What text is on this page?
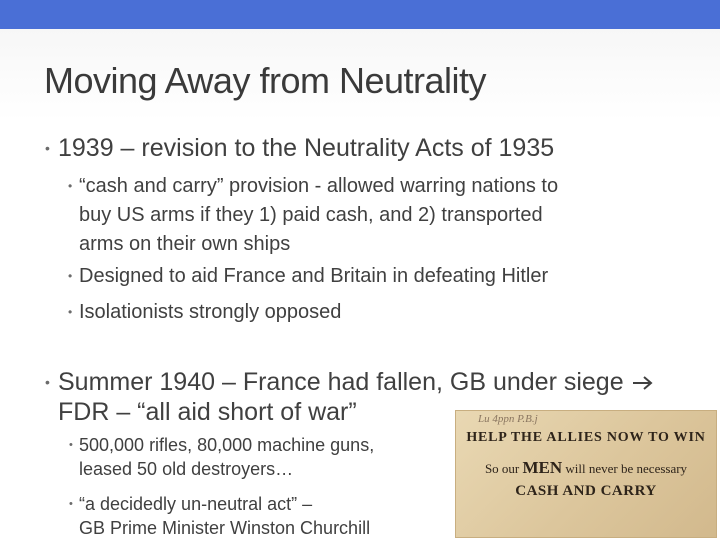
Moving Away from Neutrality
• 1939 – revision to the Neutrality Acts of 1935
• “cash and carry” provision - allowed warring nations to
buy US arms if they 1) paid cash, and 2) transported
arms on their own ships
• Designed to aid France and Britain in defeating Hitler
• Isolationists strongly opposed
• Summer 1940 – France had fallen, GB under siege
FDR – “all aid short of war”
• 500,000 rifles, 80,000 machine guns,
leased 50 old destroyers…
• “a decidedly un-neutral act” –
GB Prime Minister Winston Churchill
Lu 4ppn P.B.j
HELP THE ALLIES NOW TO WIN
So our MEN will never be necessary
CASH AND CARRY
